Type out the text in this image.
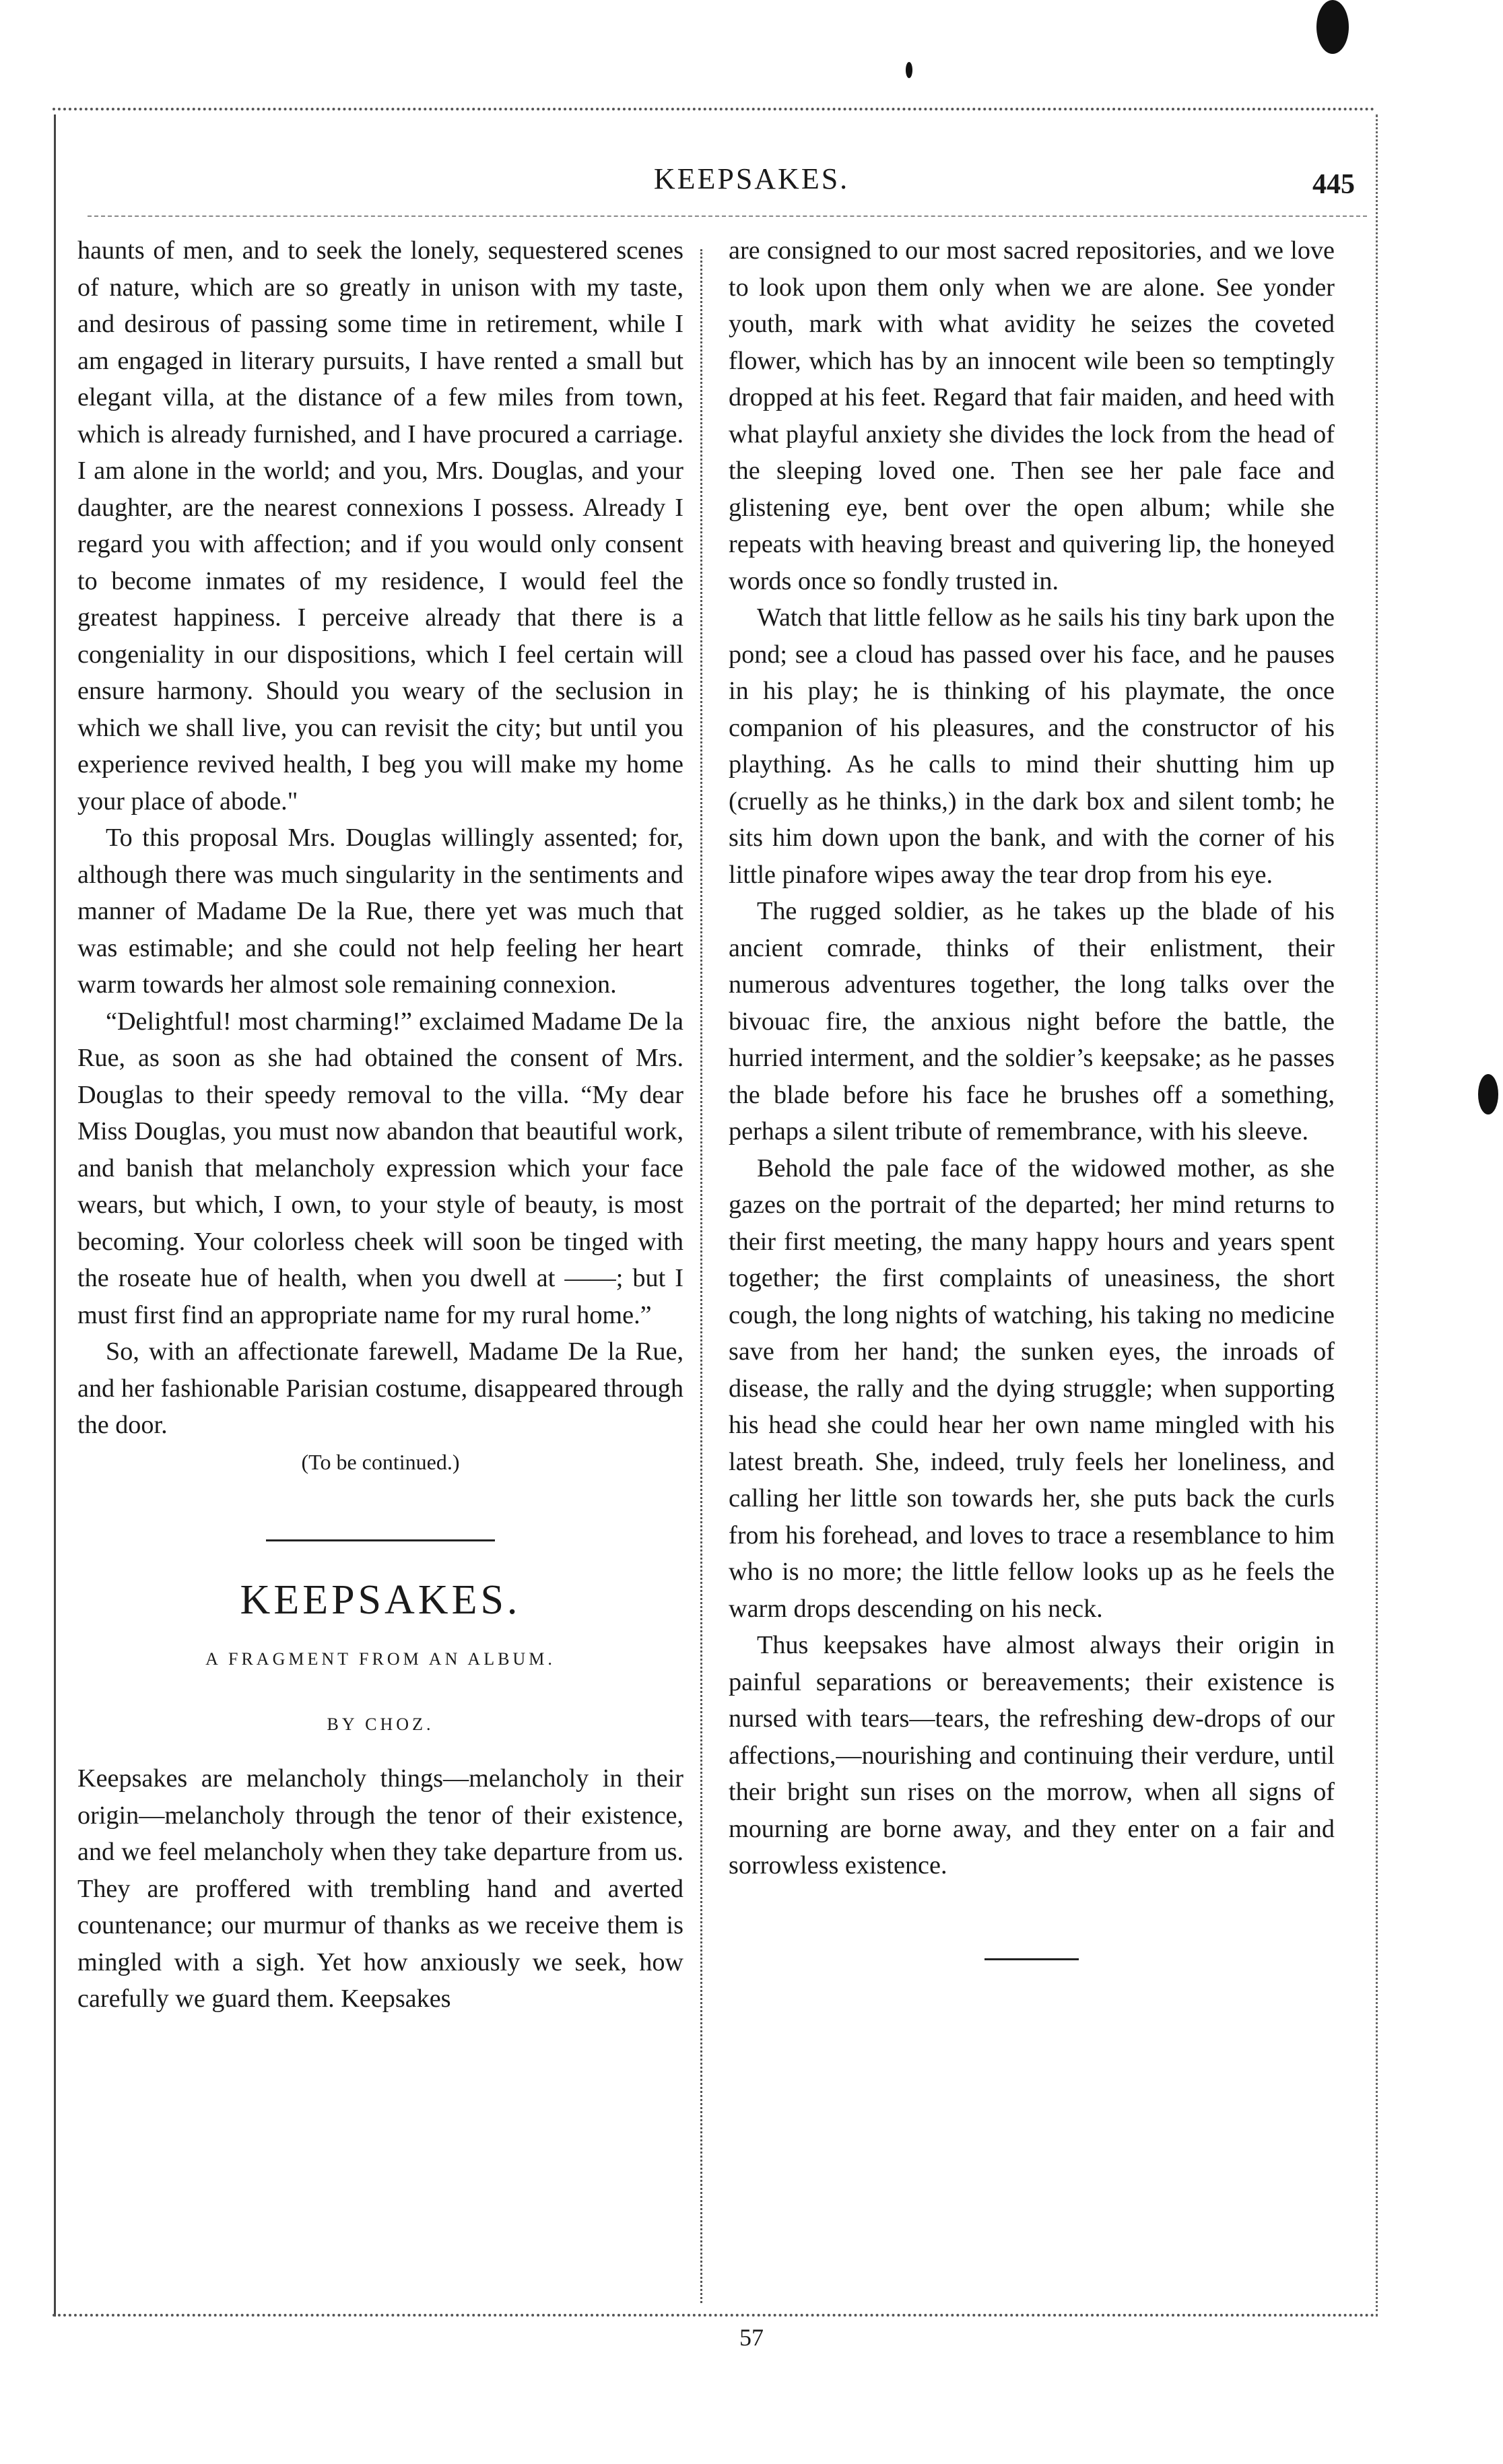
KEEPSAKES.	445

haunts of men, and to seek the lonely, sequestered scenes of nature, which are so greatly in unison with my taste, and desirous of passing some time in retirement, while I am engaged in literary pursuits, I have rented a small but elegant villa, at the distance of a few miles from town, which is already furnished, and I have procured a carriage. I am alone in the world; and you, Mrs. Douglas, and your daughter, are the nearest connexions I possess. Already I regard you with affection; and if you would only consent to become inmates of my residence, I would feel the greatest happiness. I perceive already that there is a congeniality in our dispositions, which I feel certain will ensure harmony. Should you weary of the seclusion in which we shall live, you can revisit the city; but until you experience revived health, I beg you will make my home your place of abode."

To this proposal Mrs. Douglas willingly assented; for, although there was much singularity in the sentiments and manner of Madame De la Rue, there yet was much that was estimable; and she could not help feeling her heart warm towards her almost sole remaining connexion.

“Delightful! most charming!” exclaimed Madame De la Rue, as soon as she had obtained the consent of Mrs. Douglas to their speedy removal to the villa. “My dear Miss Douglas, you must now abandon that beautiful work, and banish that melancholy expression which your face wears, but which, I own, to your style of beauty, is most becoming. Your colorless cheek will soon be tinged with the roseate hue of health, when you dwell at ——; but I must first find an appropriate name for my rural home.”

So, with an affectionate farewell, Madame De la Rue, and her fashionable Parisian costume, disappeared through the door.

(To be continued.)

KEEPSAKES.
A FRAGMENT FROM AN ALBUM.
BY CHOZ.

Keepsakes are melancholy things—melancholy in their origin—melancholy through the tenor of their existence, and we feel melancholy when they take departure from us. They are proffered with trembling hand and averted countenance; our murmur of thanks as we receive them is mingled with a sigh. Yet how anxiously we seek, how carefully we guard them. Keepsakes

are consigned to our most sacred repositories, and we love to look upon them only when we are alone. See yonder youth, mark with what avidity he seizes the coveted flower, which has by an innocent wile been so temptingly dropped at his feet. Regard that fair maiden, and heed with what playful anxiety she divides the lock from the head of the sleeping loved one. Then see her pale face and glistening eye, bent over the open album; while she repeats with heaving breast and quivering lip, the honeyed words once so fondly trusted in.

Watch that little fellow as he sails his tiny bark upon the pond; see a cloud has passed over his face, and he pauses in his play; he is thinking of his playmate, the once companion of his pleasures, and the constructor of his plaything. As he calls to mind their shutting him up (cruelly as he thinks,) in the dark box and silent tomb; he sits him down upon the bank, and with the corner of his little pinafore wipes away the tear drop from his eye.

The rugged soldier, as he takes up the blade of his ancient comrade, thinks of their enlistment, their numerous adventures together, the long talks over the bivouac fire, the anxious night before the battle, the hurried interment, and the soldier’s keepsake; as he passes the blade before his face he brushes off a something, perhaps a silent tribute of remembrance, with his sleeve.

Behold the pale face of the widowed mother, as she gazes on the portrait of the departed; her mind returns to their first meeting, the many happy hours and years spent together; the first complaints of uneasiness, the short cough, the long nights of watching, his taking no medicine save from her hand; the sunken eyes, the inroads of disease, the rally and the dying struggle; when supporting his head she could hear her own name mingled with his latest breath. She, indeed, truly feels her loneliness, and calling her little son towards her, she puts back the curls from his forehead, and loves to trace a resemblance to him who is no more; the little fellow looks up as he feels the warm drops descending on his neck.

Thus keepsakes have almost always their origin in painful separations or bereavements; their existence is nursed with tears—tears, the refreshing dew-drops of our affections,—nourishing and continuing their verdure, until their bright sun rises on the morrow, when all signs of mourning are borne away, and they enter on a fair and sorrowless existence.

57
